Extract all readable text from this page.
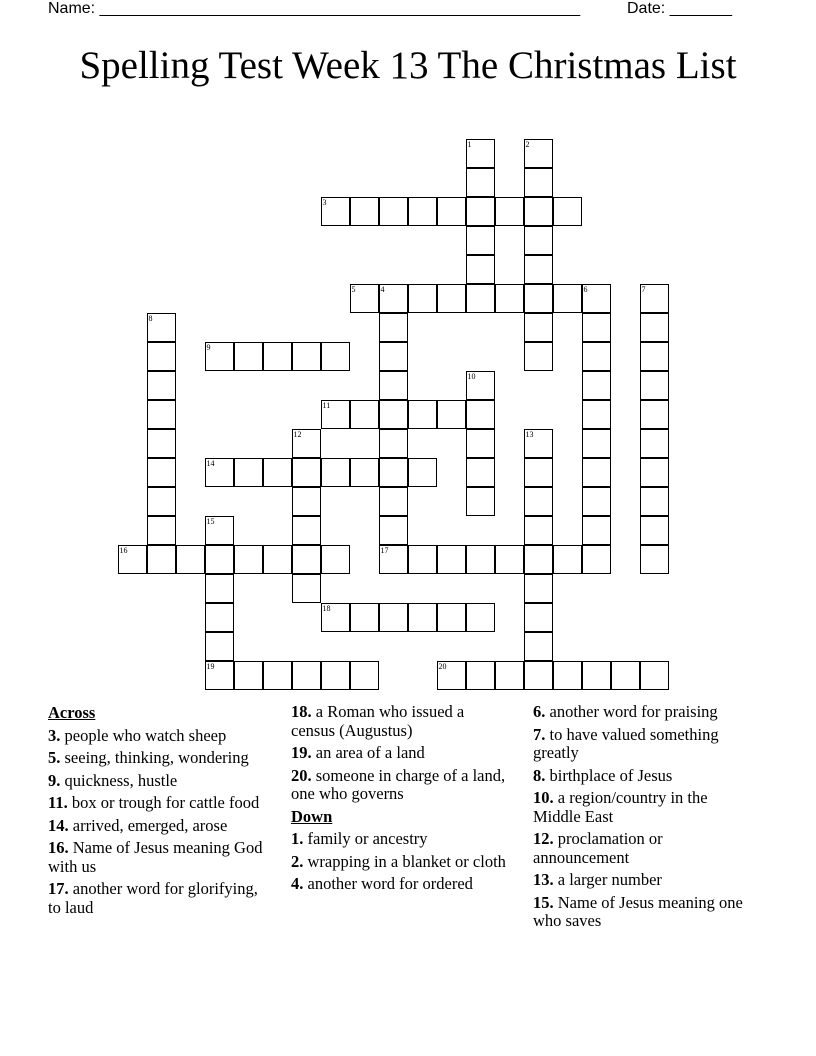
Name: ______________________________________________________	Date: _______
Spelling Test Week 13 The Christmas List
3
5	4	6
9
11
14
16	17
18
19	20
1	2
7
8
10
12	13
15
Across
3. people who watch sheep
5. seeing, thinking, wondering
9. quickness, hustle
11. box or trough for cattle food
14. arrived, emerged, arose
16. Name of Jesus meaning God with us
17. another word for glorifying, to laud
18. a Roman who issued a census (Augustus)
19. an area of a land
20. someone in charge of a land, one who governs
Down
1. family or ancestry
2. wrapping in a blanket or cloth
4. another word for ordered
6. another word for praising
7. to have valued something greatly
8. birthplace of Jesus
10. a region/country in the Middle East
12. proclamation or announcement
13. a larger number
15. Name of Jesus meaning one who saves
